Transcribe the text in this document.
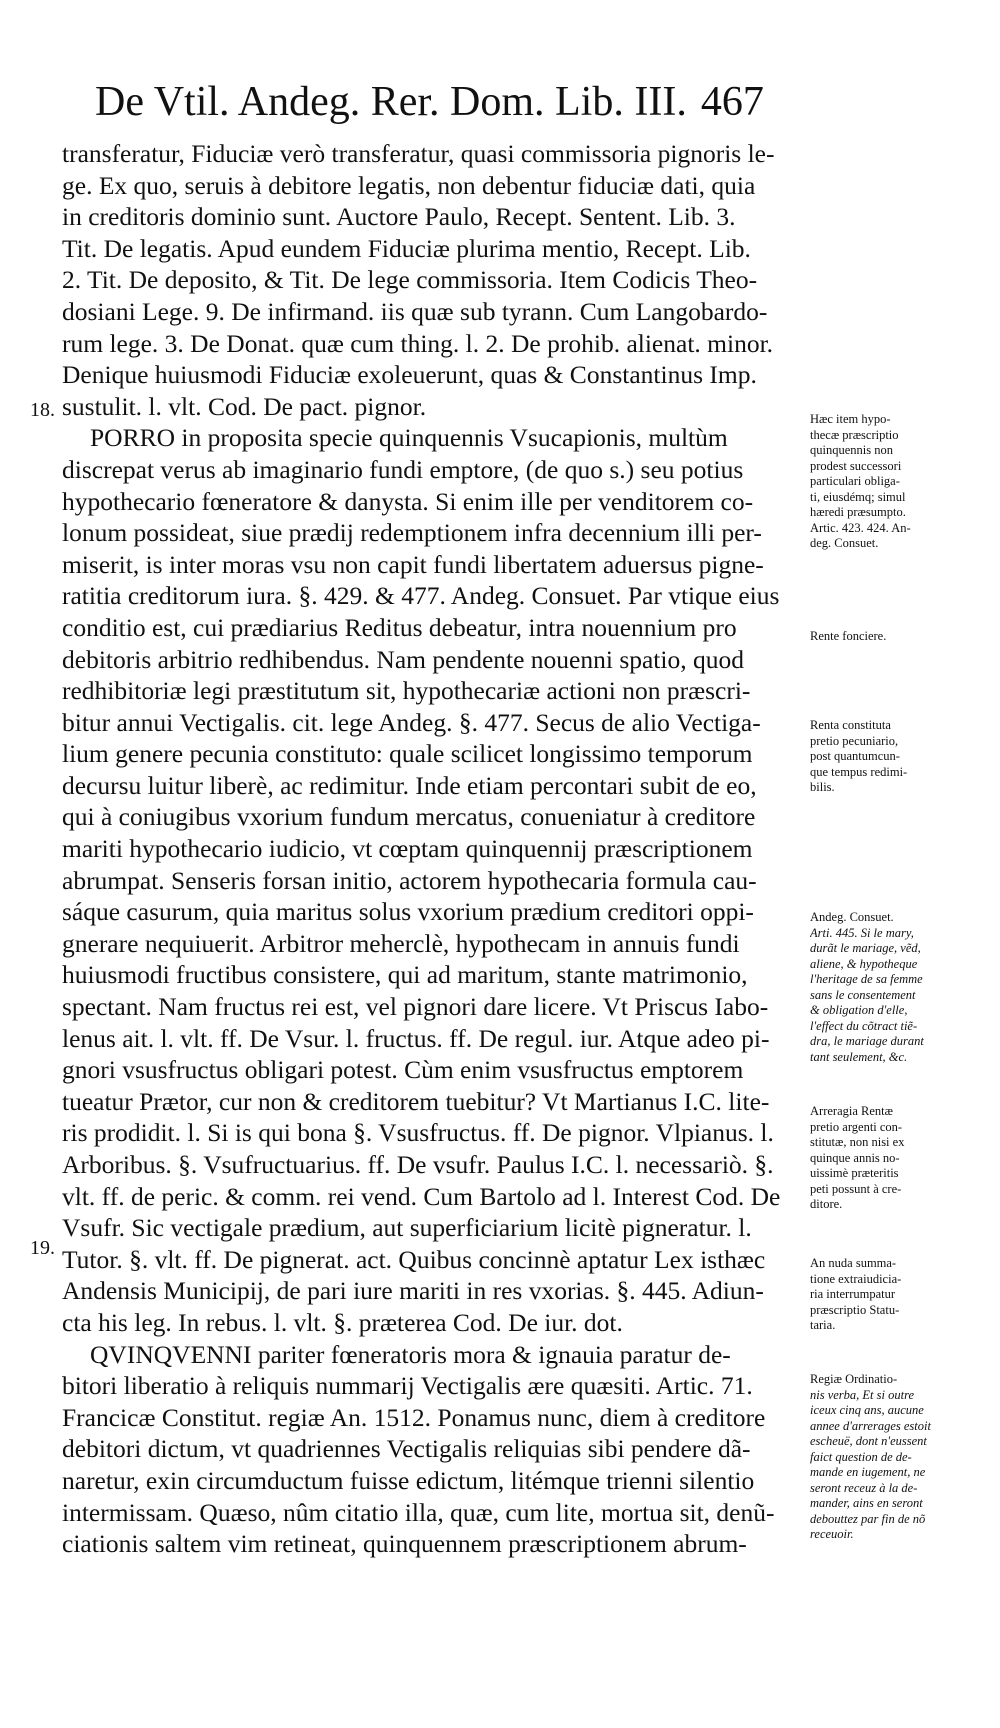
De Vtil. Andeg. Rer. Dom. Lib. III. 467
18.
19.
transferatur, Fiduciæ verò transferatur, quasi commissoria pignoris le-
ge. Ex quo, seruis à debitore legatis, non debentur fiduciæ dati, quia
in creditoris dominio sunt. Auctore Paulo, Recept. Sentent. Lib. 3.
Tit. De legatis. Apud eundem Fiduciæ plurima mentio, Recept. Lib.
2. Tit. De deposito, & Tit. De lege commissoria. Item Codicis Theo-
dosiani Lege. 9. De infirmand. iis quæ sub tyrann. Cum Langobardo-
rum lege. 3. De Donat. quæ cum thing. l. 2. De prohib. alienat. minor.
Denique huiusmodi Fiduciæ exoleuerunt, quas & Constantinus Imp.
sustulit. l. vlt. Cod. De pact. pignor.
PORRO in proposita specie quinquennis Vsucapionis, multùm
discrepat verus ab imaginario fundi emptore, (de quo s.) seu potius
hypothecario fœneratore & danysta. Si enim ille per venditorem co-
lonum possideat, siue prædij redemptionem infra decennium illi per-
miserit, is inter moras vsu non capit fundi libertatem aduersus pigne-
ratitia creditorum iura. §. 429. & 477. Andeg. Consuet. Par vtique eius
conditio est, cui prædiarius Reditus debeatur, intra nouennium pro
debitoris arbitrio redhibendus. Nam pendente nouenni spatio, quod
redhibitoriæ legi præstitutum sit, hypothecariæ actioni non præscri-
bitur annui Vectigalis. cit. lege Andeg. §. 477. Secus de alio Vectiga-
lium genere pecunia constituto: quale scilicet longissimo temporum
decursu luitur liberè, ac redimitur. Inde etiam percontari subit de eo,
qui à coniugibus vxorium fundum mercatus, conueniatur à creditore
mariti hypothecario iudicio, vt cœptam quinquennij præscriptionem
abrumpat. Senseris forsan initio, actorem hypothecaria formula cau-
sáque casurum, quia maritus solus vxorium prædium creditori oppi-
gnerare nequiuerit. Arbitror meherclè, hypothecam in annuis fundi
huiusmodi fructibus consistere, qui ad maritum, stante matrimonio,
spectant. Nam fructus rei est, vel pignori dare licere. Vt Priscus Iabo-
lenus ait. l. vlt. ff. De Vsur. l. fructus. ff. De regul. iur. Atque adeo pi-
gnori vsusfructus obligari potest. Cùm enim vsusfructus emptorem
tueatur Prætor, cur non & creditorem tuebitur? Vt Martianus I.C. lite-
ris prodidit. l. Si is qui bona §. Vsusfructus. ff. De pignor. Vlpianus. l.
Arboribus. §. Vsufructuarius. ff. De vsufr. Paulus I.C. l. necessariò. §.
vlt. ff. de peric. & comm. rei vend. Cum Bartolo ad l. Interest Cod. De
Vsufr. Sic vectigale prædium, aut superficiarium licitè pigneratur. l.
Tutor. §. vlt. ff. De pignerat. act. Quibus concinnè aptatur Lex isthæc
Andensis Municipij, de pari iure mariti in res vxorias. §. 445. Adiun-
cta his leg. In rebus. l. vlt. §. præterea Cod. De iur. dot.
QVINQVENNI pariter fœneratoris mora & ignauia paratur de-
bitori liberatio à reliquis nummarij Vectigalis ære quæsiti. Artic. 71.
Francicæ Constitut. regiæ An. 1512. Ponamus nunc, diem à creditore
debitori dictum, vt quadriennes Vectigalis reliquias sibi pendere dã-
naretur, exin circumductum fuisse edictum, litémque trienni silentio
intermissam. Quæso, nûm citatio illa, quæ, cum lite, mortua sit, denũ-
ciationis saltem vim retineat, quinquennem præscriptionem abrum-
Hæc item hypo-
thecæ præscriptio
quinquennis non
prodest successori
particulari obliga-
ti, eiusdémq; simul
hæredi præsumpto.
Artic. 423. 424. An-
deg. Consuet.
Rente fonciere.
Renta constituta
pretio pecuniario,
post quantumcun-
que tempus redimi-
bilis.
Andeg. Consuet.
Arti. 445. Si le mary,
durãt le mariage, vẽd,
aliene, & hypotheque
l'heritage de sa femme
sans le consentement
& obligation d'elle,
l'effect du cõtract tiẽ-
dra, le mariage durant
tant seulement, &c.
Arreragia Rentæ
pretio argenti con-
stitutæ, non nisi ex
quinque annis no-
uissimè præteritis
peti possunt à cre-
ditore.
An nuda summa-
tione extraiudicia-
ria interrumpatur
præscriptio Statu-
taria.
Regiæ Ordinatio-
nis verba, Et si outre
iceux cinq ans, aucune
annee d'arrerages estoit
escheuë, dont n'eussent
faict question de de-
mande en iugement, ne
seront receuz à la de-
mander, ains en seront
debouttez par fin de nõ
receuoir.
